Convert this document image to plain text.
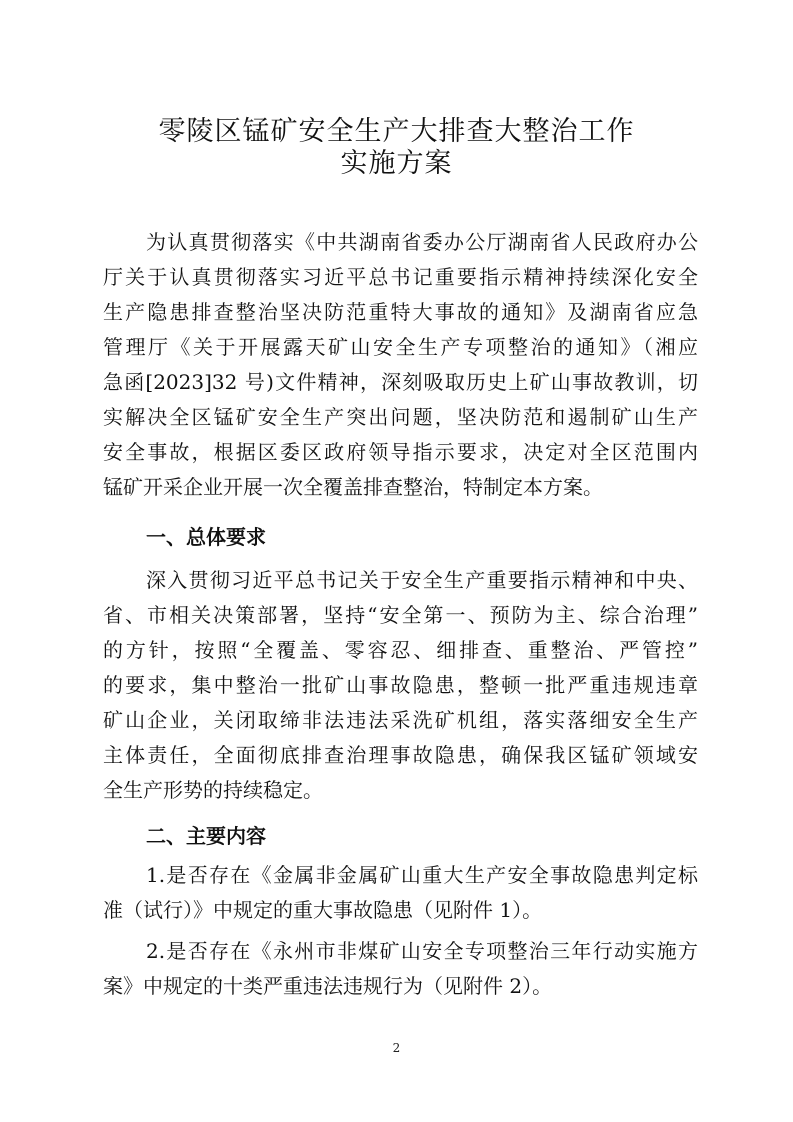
零陵区锰矿安全生产大排查大整治工作
实施方案
为认真贯彻落实《中共湖南省委办公厅湖南省人民政府办公
厅关于认真贯彻落实习近平总书记重要指示精神持续深化安全
生产隐患排查整治坚决防范重特大事故的通知》及湖南省应急
管理厅《关于开展露天矿山安全生产专项整治的通知》（湘应
急函[2023]32 号)文件精神，深刻吸取历史上矿山事故教训，切
实解决全区锰矿安全生产突出问题，坚决防范和遏制矿山生产
安全事故，根据区委区政府领导指示要求，决定对全区范围内
锰矿开采企业开展一次全覆盖排查整治，特制定本方案。
一、总体要求
深入贯彻习近平总书记关于安全生产重要指示精神和中央、
省、市相关决策部署，坚持“安全第一、预防为主、综合治理”
的方针，按照“全覆盖、零容忍、细排查、重整治、严管控”
的要求，集中整治一批矿山事故隐患，整顿一批严重违规违章
矿山企业，关闭取缔非法违法采洗矿机组，落实落细安全生产
主体责任，全面彻底排查治理事故隐患，确保我区锰矿领域安
全生产形势的持续稳定。
二、主要内容
1.是否存在《金属非金属矿山重大生产安全事故隐患判定标
准（试行）》中规定的重大事故隐患（见附件 1）。
2.是否存在《永州市非煤矿山安全专项整治三年行动实施方
案》中规定的十类严重违法违规行为（见附件 2）。
2
